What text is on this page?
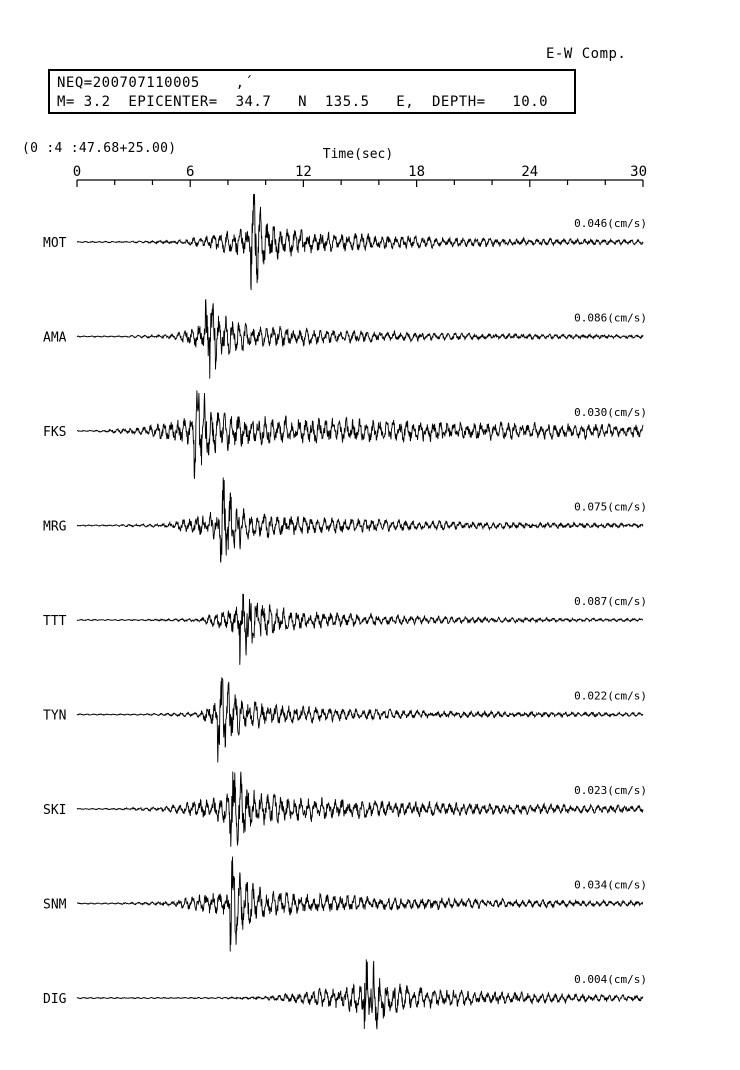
E-W Comp.
NEQ=200707110005    ,´
M= 3.2  EPICENTER=  34.7   N  135.5   E,  DEPTH=   10.0
(0 :4 :47.68+25.00)	Time(sec)
0	6	12	18	24	30
MOT
0.046(cm/s)
AMA
0.086(cm/s)
FKS
0.030(cm/s)
MRG
0.075(cm/s)
TTT
0.087(cm/s)
TYN
0.022(cm/s)
SKI
0.023(cm/s)
SNM
0.034(cm/s)
DIG
0.004(cm/s)
